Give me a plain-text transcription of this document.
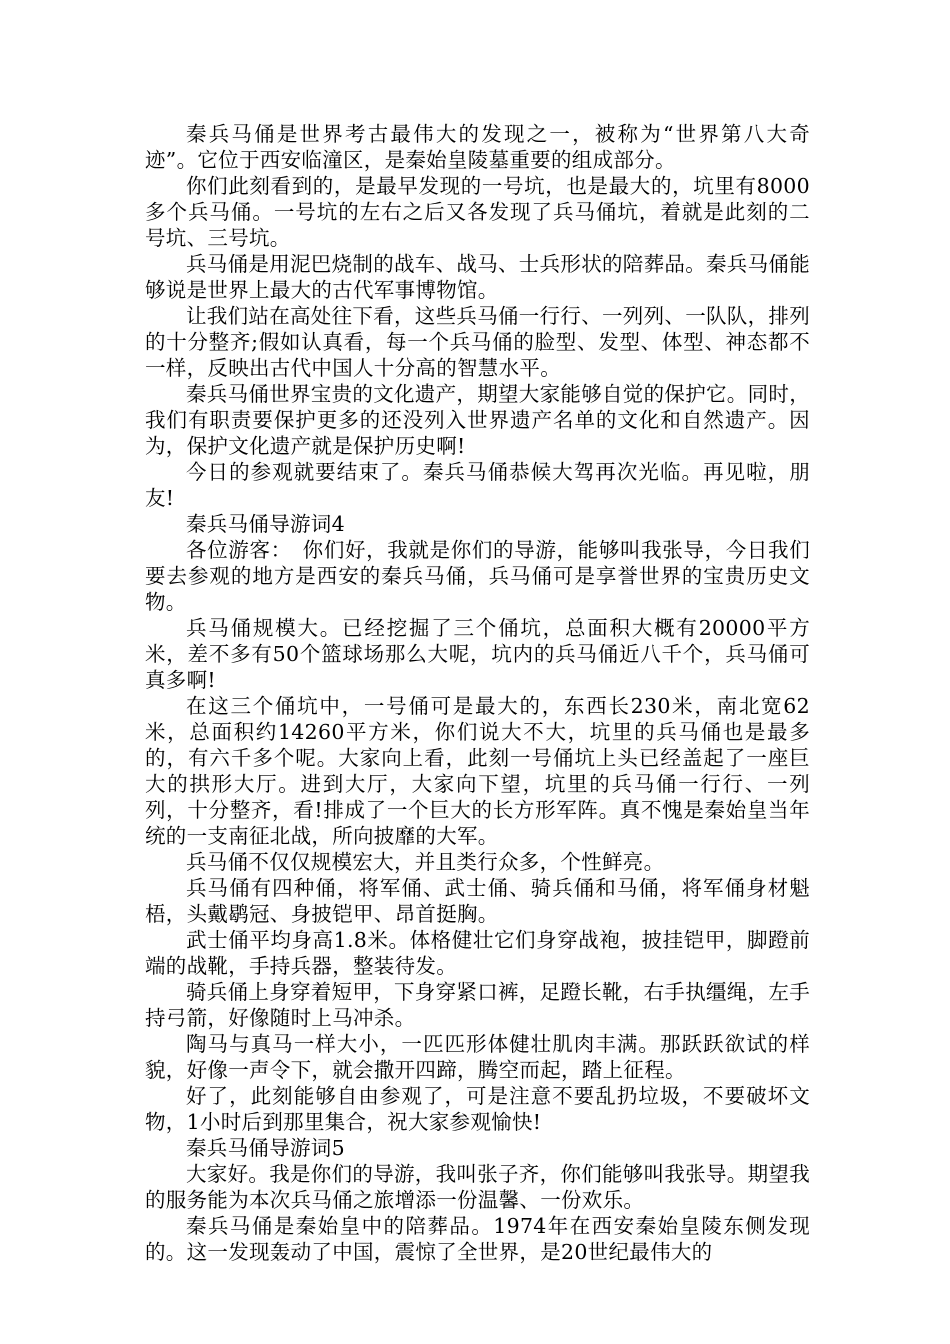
秦兵马俑是世界考古最伟大的发现之一，被称为“世界第八大奇迹”。它位于西安临潼区，是秦始皇陵墓重要的组成部分。

你们此刻看到的，是最早发现的一号坑，也是最大的，坑里有8000多个兵马俑。一号坑的左右之后又各发现了兵马俑坑，着就是此刻的二号坑、三号坑。

兵马俑是用泥巴烧制的战车、战马、士兵形状的陪葬品。秦兵马俑能够说是世界上最大的古代军事博物馆。

让我们站在高处往下看，这些兵马俑一行行、一列列、一队队，排列的十分整齐;假如认真看，每一个兵马俑的脸型、发型、体型、神态都不一样，反映出古代中国人十分高的智慧水平。

秦兵马俑世界宝贵的文化遗产，期望大家能够自觉的保护它。同时，我们有职责要保护更多的还没列入世界遗产名单的文化和自然遗产。因为，保护文化遗产就是保护历史啊!

今日的参观就要结束了。秦兵马俑恭候大驾再次光临。再见啦，朋友!

秦兵马俑导游词4

各位游客：　你们好，我就是你们的导游，能够叫我张导，今日我们要去参观的地方是西安的秦兵马俑，兵马俑可是享誉世界的宝贵历史文物。

兵马俑规模大。已经挖掘了三个俑坑，总面积大概有20000平方米，差不多有50个篮球场那么大呢，坑内的兵马俑近八千个，兵马俑可真多啊!

在这三个俑坑中，一号俑可是最大的，东西长230米，南北宽62米，总面积约14260平方米，你们说大不大，坑里的兵马俑也是最多的，有六千多个呢。大家向上看，此刻一号俑坑上头已经盖起了一座巨大的拱形大厅。进到大厅，大家向下望，坑里的兵马俑一行行、一列列，十分整齐，看!排成了一个巨大的长方形军阵。真不愧是秦始皇当年统的一支南征北战，所向披靡的大军。

兵马俑不仅仅规模宏大，并且类行众多，个性鲜亮。

兵马俑有四种俑，将军俑、武士俑、骑兵俑和马俑，将军俑身材魁梧，头戴鹖冠、身披铠甲、昂首挺胸。

武士俑平均身高1.8米。体格健壮它们身穿战袍，披挂铠甲，脚蹬前端的战靴，手持兵器，整装待发。

骑兵俑上身穿着短甲，下身穿紧口裤，足蹬长靴，右手执缰绳，左手持弓箭，好像随时上马冲杀。

陶马与真马一样大小，一匹匹形体健壮肌肉丰满。那跃跃欲试的样貌，好像一声令下，就会撒开四蹄，腾空而起，踏上征程。

好了，此刻能够自由参观了，可是注意不要乱扔垃圾，不要破坏文物，1小时后到那里集合，祝大家参观愉快!

秦兵马俑导游词5

大家好。我是你们的导游，我叫张子齐，你们能够叫我张导。期望我的服务能为本次兵马俑之旅增添一份温馨、一份欢乐。

秦兵马俑是秦始皇中的陪葬品。1974年在西安秦始皇陵东侧发现的。这一发现轰动了中国，震惊了全世界，是20世纪最伟大的
